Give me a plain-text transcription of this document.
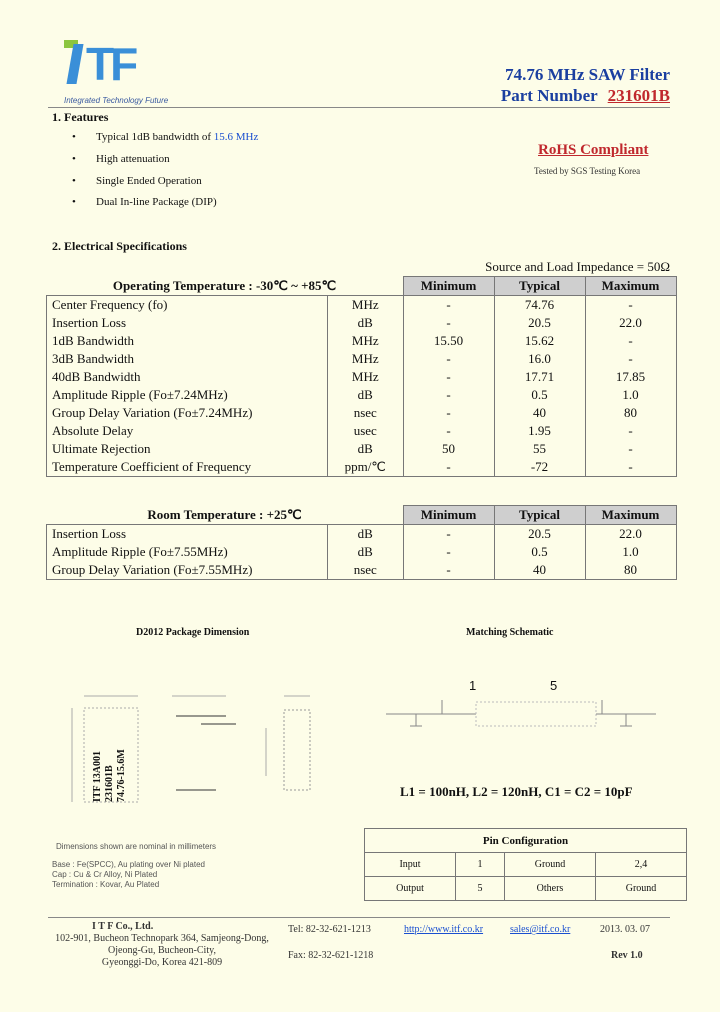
TF
Integrated Technology Future
74.76 MHz SAW Filter
Part Number 231601B
1. Features
• Typical 1dB bandwidth of 15.6 MHz
• High attenuation
• Single Ended Operation
• Dual In-line Package (DIP)
RoHS Compliant
Tested by SGS Testing Korea
2. Electrical Specifications
Source and Load Impedance = 50Ω
Operating Temperature : -30℃ ~ +85℃		Minimum	Typical	Maximum
Center Frequency (fo)	MHz	-	74.76	-
Insertion Loss	dB	-	20.5	22.0
1dB Bandwidth	MHz	15.50	15.62	-
3dB Bandwidth	MHz	-	16.0	-
40dB Bandwidth	MHz	-	17.71	17.85
Amplitude Ripple (Fo±7.24MHz)	dB	-	0.5	1.0
Group Delay Variation (Fo±7.24MHz)	nsec	-	40	80
Absolute Delay	usec	-	1.95	-
Ultimate Rejection	dB	50	55	-
Temperature Coefficient of Frequency	ppm/℃	-	-72	-
Room Temperature : +25℃		Minimum	Typical	Maximum
Insertion Loss	dB	-	20.5	22.0
Amplitude Ripple (Fo±7.55MHz)	dB	-	0.5	1.0
Group Delay Variation (Fo±7.55MHz)	nsec	-	40	80
D2012 Package Dimension	Matching Schematic
ITF 13A001 231601B 74.76-15.6M
1	5
L1 = 100nH, L2 = 120nH, C1 = C2 = 10pF
Dimensions shown are nominal in millimeters
Base : Fe(SPCC), Au plating over Ni plated
Cap : Cu & Cr Alloy, Ni Plated
Termination : Kovar, Au Plated
Pin Configuration			
Input	1	Ground	2,4
Output	5	Others	Ground
I T F Co., Ltd.
102-901, Bucheon Technopark 364, Samjeong-Dong,
Ojeong-Gu, Bucheon-City,
Gyeonggi-Do, Korea 421-809
Tel: 82-32-621-1213
Fax: 82-32-621-1218
http://www.itf.co.kr	sales@itf.co.kr	2013. 03. 07
Rev 1.0
